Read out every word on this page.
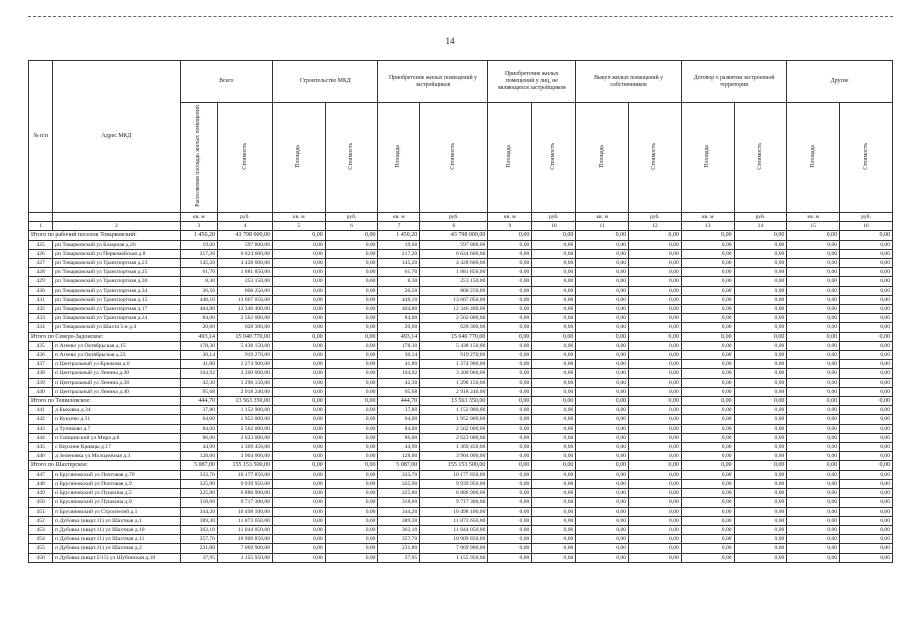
14
№ п/п	Адрес МКД	Всего		Строительство МКД		Приобретение жилых помещений у застройщиков		Приобретение жилых помещений у лиц, не являющихся застройщиком		Выкуп жилых помещений у собственников		Договор о развитии застроенной территории		Другие	
		Расселяемая площадь жилых помещений	Стоимость	Площадь	Стоимость	Площадь	Стоимость	Площадь	Стоимость	Площадь	Стоимость	Площадь	Стоимость	Площадь	Стоимость
		кв. м	руб.	кв. м	руб.	кв. м	руб.	кв. м	руб.	кв. м	руб.	кв. м	руб.	кв. м	руб.
1	2	3	4	5	6	7	8	9	10	11	12	13	14	15	16
Итого по рабочий поселок Товарковский:		1 450,20	43 798 000,00	0,00	0,00	1 450,20	43 798 000,00	0,00	0,00	0,00	0,00	0,00	0,00	0,00	0,00
425	рп Товарковский ул Базарная д.26	19,60	597 800,00	0,00	0,00	19,60	597 800,00	0,00	0,00	0,00	0,00	0,00	0,00	0,00	0,00
426	рп Товарковский ул Первомайская д.8	217,20	6 624 600,00	0,00	0,00	217,20	6 624 600,00	0,00	0,00	0,00	0,00	0,00	0,00	0,00	0,00
427	рп Товарковский ул Транспортная д.23	145,20	4 428 600,00	0,00	0,00	145,20	4 428 600,00	0,00	0,00	0,00	0,00	0,00	0,00	0,00	0,00
428	рп Товарковский ул Транспортная д.25	61,70	1 881 850,00	0,00	0,00	61,70	1 881 850,00	0,00	0,00	0,00	0,00	0,00	0,00	0,00	0,00
429	рп Товарковский ул Транспортная д.30	8,30	253 150,00	0,00	0,00	8,30	253 150,00	0,00	0,00	0,00	0,00	0,00	0,00	0,00	0,00
430	рп Товарковский ул Транспортная д.34	26,50	808 250,00	0,00	0,00	26,50	808 250,00	0,00	0,00	0,00	0,00	0,00	0,00	0,00	0,00
431	рп Товарковский ул Транспортная д.15	448,10	13 667 050,00	0,00	0,00	448,10	13 667 050,00	0,00	0,00	0,00	0,00	0,00	0,00	0,00	0,00
432	рп Товарковский ул Транспортная д.17	404,80	12 346 400,00	0,00	0,00	404,80	12 346 400,00	0,00	0,00	0,00	0,00	0,00	0,00	0,00	0,00
433	рп Товарковский ул Транспортная д.24	84,00	2 562 000,00	0,00	0,00	84,00	2 562 000,00	0,00	0,00	0,00	0,00	0,00	0,00	0,00	0,00
434	рп Товарковский ул Шахта 5-я д.4	20,60	628 300,00	0,00	0,00	20,60	628 300,00	0,00	0,00	0,00	0,00	0,00	0,00	0,00	0,00
Итого по Северо-Задонское:		493,14	15 040 770,00	0,00	0,00	493,14	15 040 770,00	0,00	0,00	0,00	0,00	0,00	0,00	0,00	0,00
435	п Агеево ул Октябрьская д.15	178,30	5 438 150,00	0,00	0,00	178,30	5 438 150,00	0,00	0,00	0,00	0,00	0,00	0,00	0,00	0,00
436	п Агеево ул Октябрьская д.23	30,14	919 270,00	0,00	0,00	30,14	919 270,00	0,00	0,00	0,00	0,00	0,00	0,00	0,00	0,00
437	п Центральный ул Крюкова д.6	41,80	1 274 900,00	0,00	0,00	41,80	1 274 900,00	0,00	0,00	0,00	0,00	0,00	0,00	0,00	0,00
438	п Центральный ул Ленина д.30	104,92	3 200 060,00	0,00	0,00	104,92	3 200 060,00	0,00	0,00	0,00	0,00	0,00	0,00	0,00	0,00
439	п Центральный ул Ленина д.38	42,30	1 290 150,00	0,00	0,00	42,30	1 290 150,00	0,00	0,00	0,00	0,00	0,00	0,00	0,00	0,00
440	п Центральный ул Ленина д.40	95,68	2 918 240,00	0,00	0,00	95,68	2 918 240,00	0,00	0,00	0,00	0,00	0,00	0,00	0,00	0,00
Итого по Тешиловское:		444,70	13 563 350,00	0,00	0,00	444,70	13 563 350,00	0,00	0,00	0,00	0,00	0,00	0,00	0,00	0,00
441	д Быковка д.34	37,80	1 152 900,00	0,00	0,00	37,80	1 152 900,00	0,00	0,00	0,00	0,00	0,00	0,00	0,00	0,00
442	п Кукуево д.31	64,00	1 952 000,00	0,00	0,00	64,00	1 952 000,00	0,00	0,00	0,00	0,00	0,00	0,00	0,00	0,00
443	д Тупиково д.7	84,00	2 562 000,00	0,00	0,00	84,00	2 562 000,00	0,00	0,00	0,00	0,00	0,00	0,00	0,00	0,00
444	п Спицинский ул Мира д.8	86,00	2 623 000,00	0,00	0,00	86,00	2 623 000,00	0,00	0,00	0,00	0,00	0,00	0,00	0,00	0,00
445	с Верхние Кривцы д.17	44,90	1 369 450,00	0,00	0,00	44,90	1 369 450,00	0,00	0,00	0,00	0,00	0,00	0,00	0,00	0,00
446	д Зеленовка ул Молодежная д.3	128,00	3 904 000,00	0,00	0,00	128,00	3 904 000,00	0,00	0,00	0,00	0,00	0,00	0,00	0,00	0,00
Итого по Шахтерское:		5 087,00	155 153 500,00	0,00	0,00	5 087,00	155 153 500,00	0,00	0,00	0,00	0,00	0,00	0,00	0,00	0,00
447	п Брусяновский ул Почтовая д.70	333,70	10 177 850,00	0,00	0,00	333,70	10 177 850,00	0,00	0,00	0,00	0,00	0,00	0,00	0,00	0,00
448	п Брусяновский ул Почтовая д.9	325,90	9 939 950,00	0,00	0,00	325,90	9 939 950,00	0,00	0,00	0,00	0,00	0,00	0,00	0,00	0,00
449	п Брусяновский ул Пушкина д.5	225,80	6 886 900,00	0,00	0,00	225,80	6 886 900,00	0,00	0,00	0,00	0,00	0,00	0,00	0,00	0,00
450	п Брусяновский ул Пушкина д.9	318,60	9 717 300,00	0,00	0,00	318,60	9 717 300,00	0,00	0,00	0,00	0,00	0,00	0,00	0,00	0,00
451	п Брусяновский ул Строителей д.1	344,20	10 498 100,00	0,00	0,00	344,20	10 498 100,00	0,00	0,00	0,00	0,00	0,00	0,00	0,00	0,00
452	п Дубовка (кварт.11) ул Шахтная д.1	389,30	11 873 650,00	0,00	0,00	389,30	11 873 650,00	0,00	0,00	0,00	0,00	0,00	0,00	0,00	0,00
453	п Дубовка (кварт.11) ул Шахтная д.10	362,10	11 044 050,00	0,00	0,00	362,10	11 044 050,00	0,00	0,00	0,00	0,00	0,00	0,00	0,00	0,00
454	п Дубовка (кварт.11) ул Шахтная д.11	357,70	10 909 850,00	0,00	0,00	357,70	10 909 850,00	0,00	0,00	0,00	0,00	0,00	0,00	0,00	0,00
455	п Дубовка (кварт.11) ул Шахтная д.2	231,80	7 069 900,00	0,00	0,00	231,80	7 069 900,00	0,00	0,00	0,00	0,00	0,00	0,00	0,00	0,00
456	п Дубовка (кварт.5/15) ул Шубинская д.10	37,95	1 155 950,00	0,00	0,00	37,95	1 155 950,00	0,00	0,00	0,00	0,00	0,00	0,00	0,00	0,00
